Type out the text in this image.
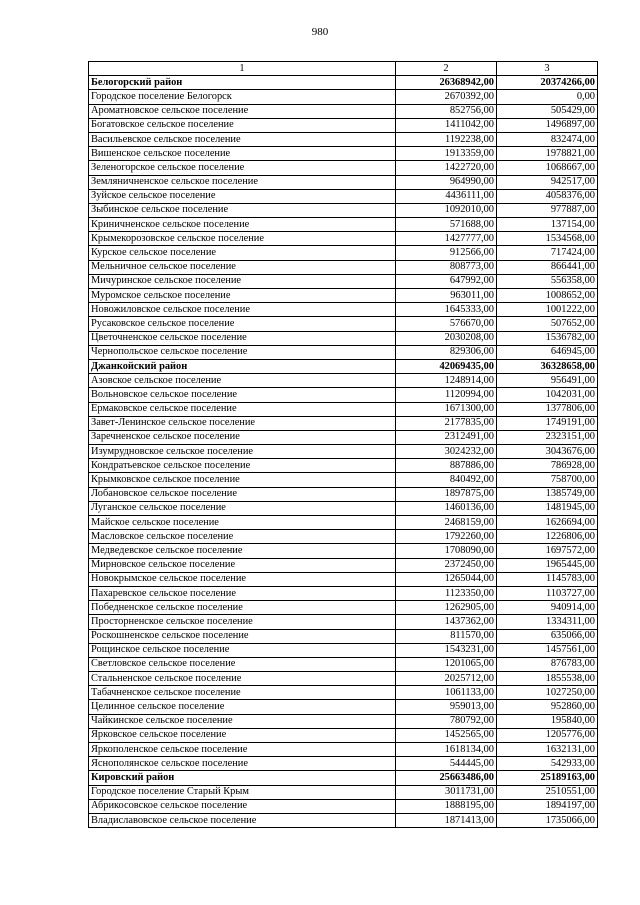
980
1	2	3
Белогорский район	26368942,00	20374266,00
Городское поселение Белогорск	2670392,00	0,00
Ароматновское сельское поселение	852756,00	505429,00
Богатовское сельское поселение	1411042,00	1496897,00
Васильевское сельское поселение	1192238,00	832474,00
Вишенское сельское поселение	1913359,00	1978821,00
Зеленогорское сельское поселение	1422720,00	1068667,00
Земляничненское сельское поселение	964990,00	942517,00
Зуйское сельское поселение	4436111,00	4058376,00
Зыбинское сельское поселение	1092010,00	977887,00
Криничненское сельское поселение	571688,00	137154,00
Крымекорозовское сельское поселение	1427777,00	1534568,00
Курское сельское поселение	912566,00	717424,00
Мельничное сельское поселение	808773,00	866441,00
Мичуринское сельское поселение	647992,00	556358,00
Муромское сельское поселение	963011,00	1008652,00
Новожиловское сельское поселение	1645333,00	1001222,00
Русаковское сельское поселение	576670,00	507652,00
Цветочненское сельское поселение	2030208,00	1536782,00
Чернопольское сельское поселение	829306,00	646945,00
Джанкойский район	42069435,00	36328658,00
Азовское сельское поселение	1248914,00	956491,00
Вольновское сельское поселение	1120994,00	1042031,00
Ермаковское сельское поселение	1671300,00	1377806,00
Завет-Ленинское сельское поселение	2177835,00	1749191,00
Заречненское сельское поселение	2312491,00	2323151,00
Изумрудновское сельское поселение	3024232,00	3043676,00
Кондратьевское сельское поселение	887886,00	786928,00
Крымковское сельское поселение	840492,00	758700,00
Лобановское сельское поселение	1897875,00	1385749,00
Луганское сельское поселение	1460136,00	1481945,00
Майское сельское поселение	2468159,00	1626694,00
Масловское сельское поселение	1792260,00	1226806,00
Медведевское сельское поселение	1708090,00	1697572,00
Мирновское сельское поселение	2372450,00	1965445,00
Новокрымское сельское поселение	1265044,00	1145783,00
Пахаревское сельское поселение	1123350,00	1103727,00
Победненское сельское поселение	1262905,00	940914,00
Просторненское сельское поселение	1437362,00	1334311,00
Роскошненское сельское поселение	811570,00	635066,00
Рощинское сельское поселение	1543231,00	1457561,00
Светловское сельское поселение	1201065,00	876783,00
Стальненское сельское поселение	2025712,00	1855538,00
Табачненское сельское поселение	1061133,00	1027250,00
Целинное сельское поселение	959013,00	952860,00
Чайкинское сельское поселение	780792,00	195840,00
Ярковское сельское поселение	1452565,00	1205776,00
Яркополенское сельское поселение	1618134,00	1632131,00
Яснополянское сельское поселение	544445,00	542933,00
Кировский район	25663486,00	25189163,00
Городское поселение Старый Крым	3011731,00	2510551,00
Абрикосовское сельское поселение	1888195,00	1894197,00
Владиславовское сельское поселение	1871413,00	1735066,00
